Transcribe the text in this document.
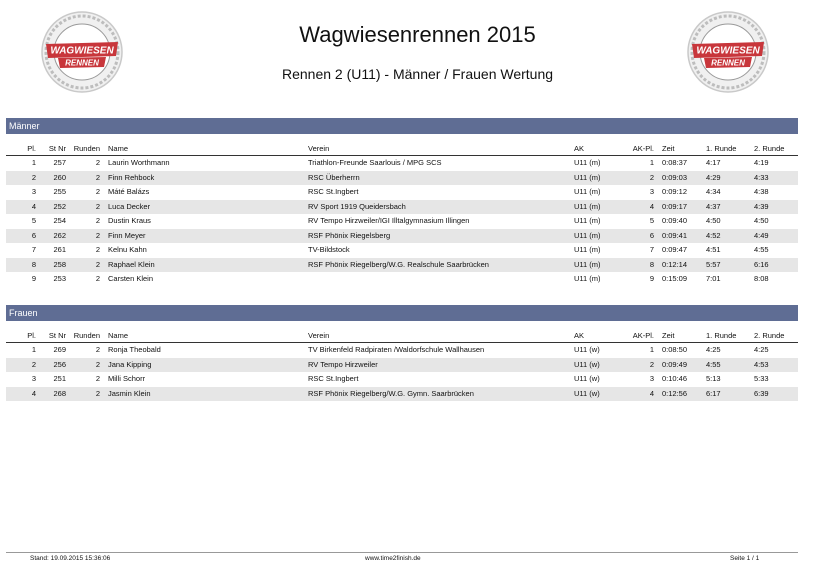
WAGWIESEN
RENNEN
WAGWIESEN
RENNEN
Wagwiesenrennen 2015
Rennen 2 (U11) - Männer / Frauen Wertung
Männer
Pl.	St Nr	Runden	Name	Verein	AK	AK-Pl.	Zeit	1. Runde	2. Runde
1	257	2	Laurin Worthmann	Triathlon-Freunde Saarlouis / MPG SCS	U11 (m)	1	0:08:37	4:17	4:19
2	260	2	Finn Rehbock	RSC Überherrn	U11 (m)	2	0:09:03	4:29	4:33
3	255	2	Máté Balázs	RSC St.Ingbert	U11 (m)	3	0:09:12	4:34	4:38
4	252	2	Luca Decker	RV Sport 1919 Queidersbach	U11 (m)	4	0:09:17	4:37	4:39
5	254	2	Dustin Kraus	RV Tempo Hirzweiler/IGI Illtalgymnasium Illingen	U11 (m)	5	0:09:40	4:50	4:50
6	262	2	Finn Meyer	RSF Phönix Riegelsberg	U11 (m)	6	0:09:41	4:52	4:49
7	261	2	Kelnu Kahn	TV-Bildstock	U11 (m)	7	0:09:47	4:51	4:55
8	258	2	Raphael Klein	RSF Phönix Riegelberg/W.G. Realschule Saarbrücken	U11 (m)	8	0:12:14	5:57	6:16
9	253	2	Carsten Klein		U11 (m)	9	0:15:09	7:01	8:08
Frauen
Pl.	St Nr	Runden	Name	Verein	AK	AK-Pl.	Zeit	1. Runde	2. Runde
1	269	2	Ronja Theobald	TV Birkenfeld Radpiraten /Waldorfschule Wallhausen	U11 (w)	1	0:08:50	4:25	4:25
2	256	2	Jana Kipping	RV Tempo Hirzweiler	U11 (w)	2	0:09:49	4:55	4:53
3	251	2	Milli Schorr	RSC St.Ingbert	U11 (w)	3	0:10:46	5:13	5:33
4	268	2	Jasmin Klein	RSF Phönix Riegelberg/W.G. Gymn. Saarbrücken	U11 (w)	4	0:12:56	6:17	6:39
Stand: 19.09.2015 15:36:06	www.time2finish.de	Seite 1 / 1
